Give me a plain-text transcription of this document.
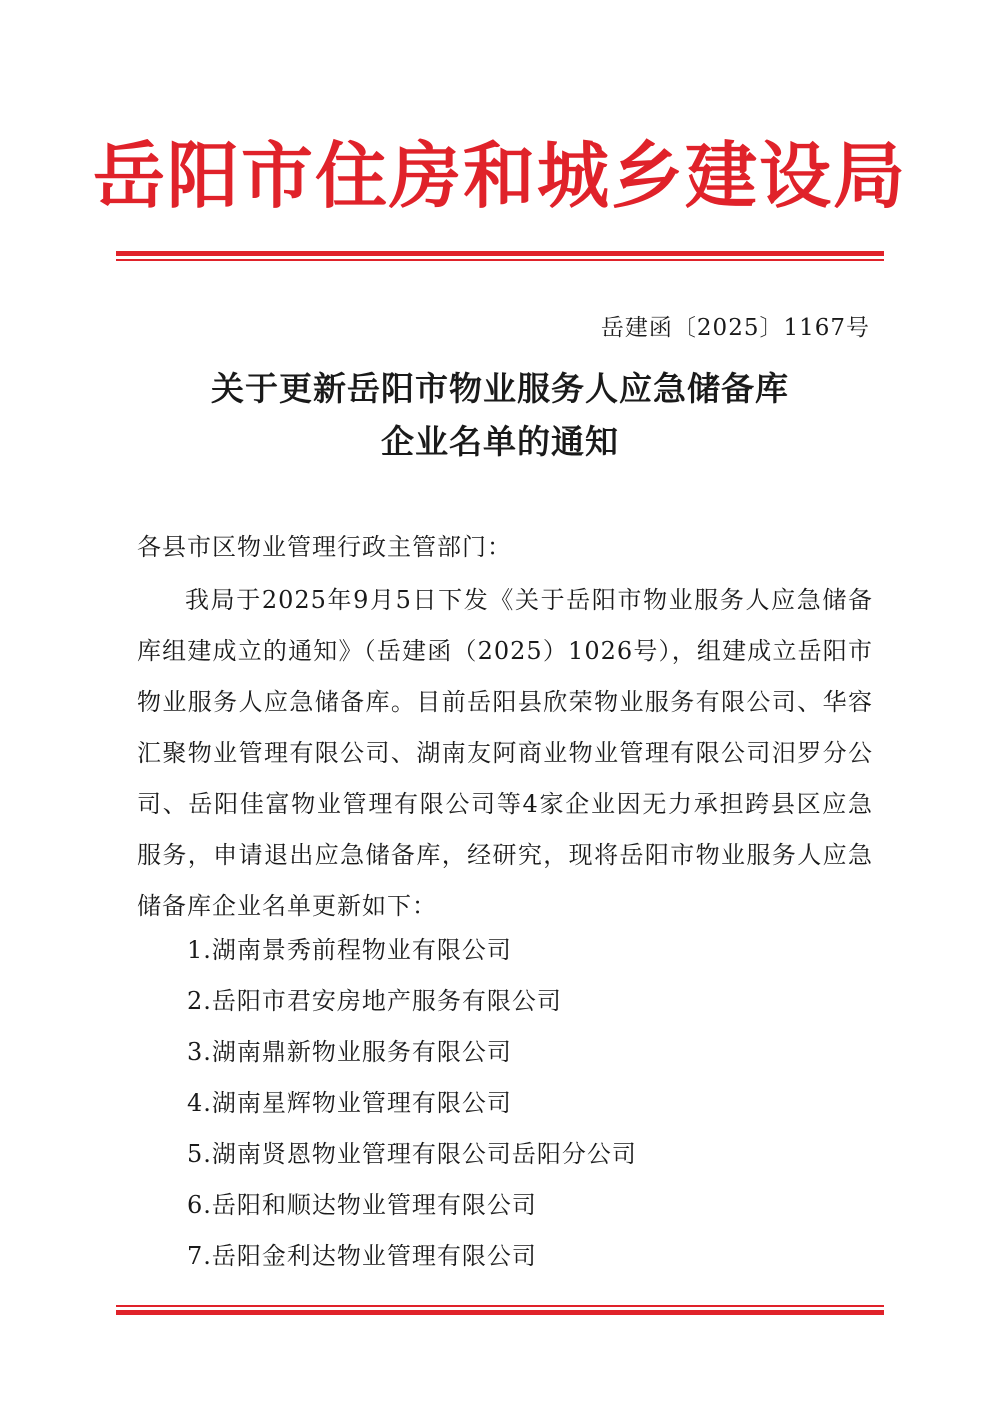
岳阳市住房和城乡建设局
岳建函〔2025〕1167号
关于更新岳阳市物业服务人应急储备库
企业名单的通知
各县市区物业管理行政主管部门：

我局于2025年9月5日下发《关于岳阳市物业服务人应急储备库组建成立的通知》（岳建函（2025）1026号），组建成立岳阳市物业服务人应急储备库。目前岳阳县欣荣物业服务有限公司、华容汇聚物业管理有限公司、湖南友阿商业物业管理有限公司汨罗分公司、岳阳佳富物业管理有限公司等4家企业因无力承担跨县区应急服务，申请退出应急储备库，经研究，现将岳阳市物业服务人应急储备库企业名单更新如下：

1.湖南景秀前程物业有限公司
2.岳阳市君安房地产服务有限公司
3.湖南鼎新物业服务有限公司
4.湖南星辉物业管理有限公司
5.湖南贤恩物业管理有限公司岳阳分公司
6.岳阳和顺达物业管理有限公司
7.岳阳金利达物业管理有限公司
